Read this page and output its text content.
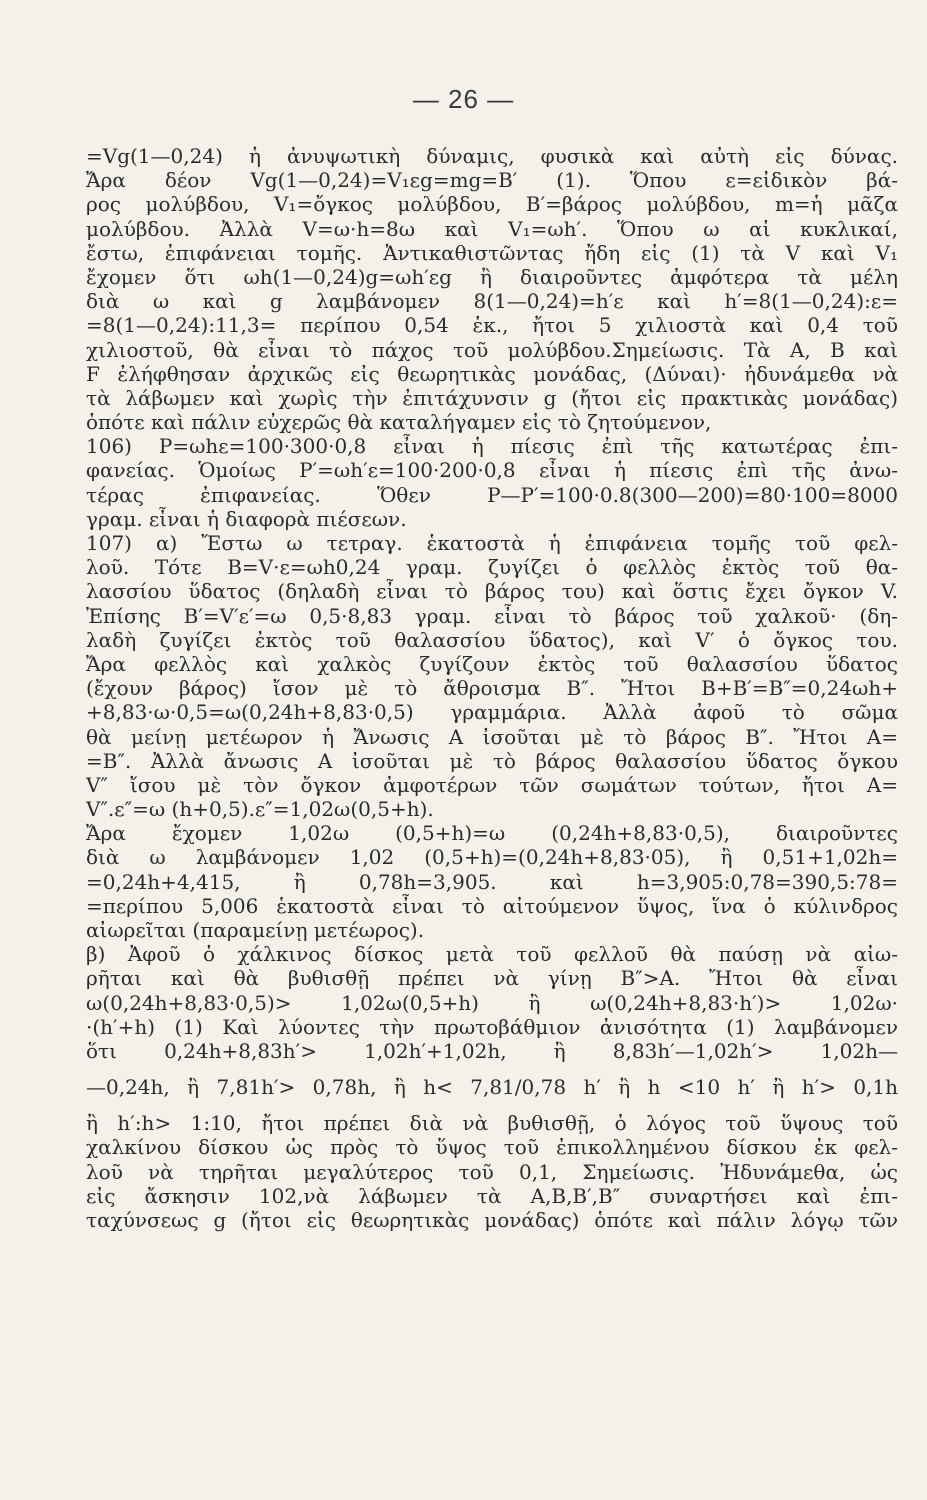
— 26 —
=Vg(1—0,24) ἡ ἀνυψωτικὴ δύναμις, φυσικὰ καὶ αὐτὴ εἰς δύνας.
Ἄρα δέον Vg(1—0,24)=V₁εg=mg=B′ (1). Ὅπου ε=εἰδικὸν βά-
ρος μολύβδου, V₁=ὄγκος μολύβδου, B′=βάρος μολύβδου, m=ἡ μᾶζα
μολύβδου. Ἀλλὰ V=ω·h=8ω καὶ V₁=ωh′. Ὅπου ω αἱ κυκλικαί,
ἔστω, ἐπιφάνειαι τομῆς. Ἀντικαθιστῶντας ἤδη εἰς (1) τὰ V καὶ V₁
ἔχομεν ὅτι ωh(1—0,24)g=ωh′εg ἢ διαιροῦντες ἀμφότερα τὰ μέλη
διὰ ω καὶ g λαμβάνομεν 8(1—0,24)=h′ε καὶ h′=8(1—0,24):ε=
=8(1—0,24):11,3= περίπου 0,54 ἑκ., ἤτοι 5 χιλιοστὰ καὶ 0,4 τοῦ
χιλιοστοῦ, θὰ εἶναι τὸ πάχος τοῦ μολύβδου.Σημείωσις. Τὰ A, B καὶ
F ἐλήφθησαν ἀρχικῶς εἰς θεωρητικὰς μονάδας, (Δύναι)· ἠδυνάμεθα νὰ
τὰ λάβωμεν καὶ χωρὶς τὴν ἐπιτάχυνσιν g (ἤτοι εἰς πρακτικὰς μονάδας)
ὁπότε καὶ πάλιν εὐχερῶς θὰ καταλήγαμεν εἰς τὸ ζητούμενον,
106) P=ωhε=100·300·0,8 εἶναι ἡ πίεσις ἐπὶ τῆς κατωτέρας ἐπι-
φανείας. Ὁμοίως P′=ωh′ε=100·200·0,8 εἶναι ἡ πίεσις ἐπὶ τῆς ἀνω-
τέρας ἐπιφανείας. Ὅθεν P—P′=100·0.8(300—200)=80·100=8000
γραμ. εἶναι ἡ διαφορὰ πιέσεων.
107) α) Ἔστω ω τετραγ. ἑκατοστὰ ἡ ἐπιφάνεια τομῆς τοῦ φελ-
λοῦ. Τότε B=V·ε=ωh0,24 γραμ. ζυγίζει ὁ φελλὸς ἐκτὸς τοῦ θα-
λασσίου ὕδατος (δηλαδὴ εἶναι τὸ βάρος του) καὶ ὅστις ἔχει ὄγκον V.
Ἐπίσης B′=V′ε′=ω 0,5·8,83 γραμ. εἶναι τὸ βάρος τοῦ χαλκοῦ· (δη-
λαδὴ ζυγίζει ἐκτὸς τοῦ θαλασσίου ὕδατος), καὶ V′ ὁ ὄγκος του.
Ἄρα φελλὸς καὶ χαλκὸς ζυγίζουν ἐκτὸς τοῦ θαλασσίου ὕδατος
(ἔχουν βάρος) ἴσον μὲ τὸ ἄθροισμα B″. Ἤτοι B+B′=B″=0,24ωh+
+8,83·ω·0,5=ω(0,24h+8,83·0,5) γραμμάρια. Ἀλλὰ ἀφοῦ τὸ σῶμα
θὰ μείνῃ μετέωρον ἡ Ἄνωσις A ἰσοῦται μὲ τὸ βάρος B″. Ἤτοι A=
=B″. Ἀλλὰ ἄνωσις A ἰσοῦται μὲ τὸ βάρος θαλασσίου ὕδατος ὄγκου
V″ ἴσου μὲ τὸν ὄγκον ἀμφοτέρων τῶν σωμάτων τούτων, ἤτοι A=
V″.ε″=ω (h+0,5).ε″=1,02ω(0,5+h).
Ἄρα ἔχομεν 1,02ω (0,5+h)=ω (0,24h+8,83·0,5), διαιροῦντες
διὰ ω λαμβάνομεν 1,02 (0,5+h)=(0,24h+8,83·05), ἢ 0,51+1,02h=
=0,24h+4,415, ἢ 0,78h=3,905. καὶ h=3,905:0,78=390,5:78=
=περίπου 5,006 ἑκατοστὰ εἶναι τὸ αἰτούμενον ὕψος, ἵνα ὁ κύλινδρος
αἰωρεῖται (παραμείνῃ μετέωρος).
β) Ἀφοῦ ὁ χάλκινος δίσκος μετὰ τοῦ φελλοῦ θὰ παύσῃ νὰ αἰω-
ρῆται καὶ θὰ βυθισθῇ πρέπει νὰ γίνῃ B″>A. Ἤτοι θὰ εἶναι
ω(0,24h+8,83·0,5)> 1,02ω(0,5+h) ἢ ω(0,24h+8,83·h′)> 1,02ω·
·(h′+h) (1) Καὶ λύοντες τὴν πρωτοβάθμιον ἀνισότητα (1) λαμβάνομεν
ὅτι 0,24h+8,83h′> 1,02h′+1,02h, ἢ 8,83h′—1,02h′> 1,02h—
—0,24h, ἢ 7,81h′> 0,78h, ἢ h< 7,81/0,78 h′ ἢ h <10 h′ ἢ h′> 0,1h
ἢ h′:h> 1:10, ἤτοι πρέπει διὰ νὰ βυθισθῇ, ὁ λόγος τοῦ ὕψους τοῦ
χαλκίνου δίσκου ὡς πρὸς τὸ ὕψος τοῦ ἐπικολλημένου δίσκου ἐκ φελ-
λοῦ νὰ τηρῆται μεγαλύτερος τοῦ 0,1, Σημείωσις. Ἠδυνάμεθα, ὡς
εἰς ἄσκησιν 102,νὰ λάβωμεν τὰ A,B,B′,B″ συναρτήσει καὶ ἐπι-
ταχύνσεως g (ἤτοι εἰς θεωρητικὰς μονάδας) ὁπότε καὶ πάλιν λόγῳ τῶν
